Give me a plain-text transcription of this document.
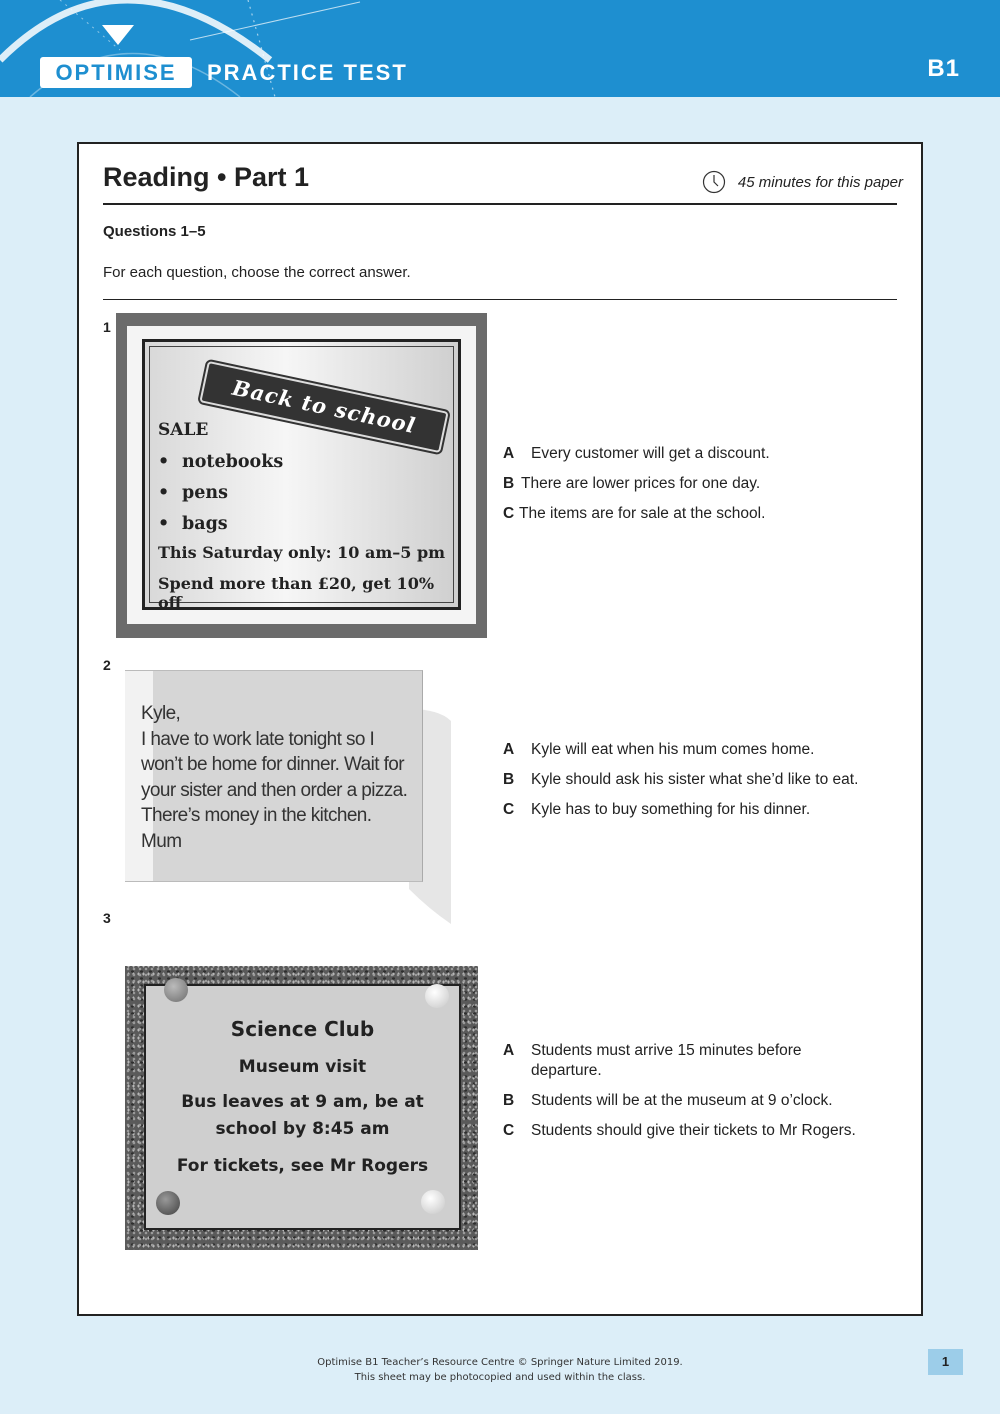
OPTIMISE	PRACTICE TEST	B1
Reading • Part 1	45 minutes for this paper
Questions 1–5
For each question, choose the correct answer.
1
Back to school
SALE
• notebooks
• pens
• bags
This Saturday only: 10 am–5 pm
Spend more than £20, get 10% off
A	Every customer will get a discount.
B There are lower prices for one day.
C The items are for sale at the school.
2
Kyle,
I have to work late tonight so I
won’t be home for dinner. Wait for
your sister and then order a pizza.
There’s money in the kitchen.
Mum
A	Kyle will eat when his mum comes home.
B	Kyle should ask his sister what she’d like to eat.
C	Kyle has to buy something for his dinner.
3
Science Club
Museum visit
Bus leaves at 9 am, be at
school by 8:45 am
For tickets, see Mr Rogers
A	Students must arrive 15 minutes before departure.
B	Students will be at the museum at 9 o’clock.
C	Students should give their tickets to Mr Rogers.
Optimise B1 Teacher’s Resource Centre © Springer Nature Limited 2019.
This sheet may be photocopied and used within the class.
1
